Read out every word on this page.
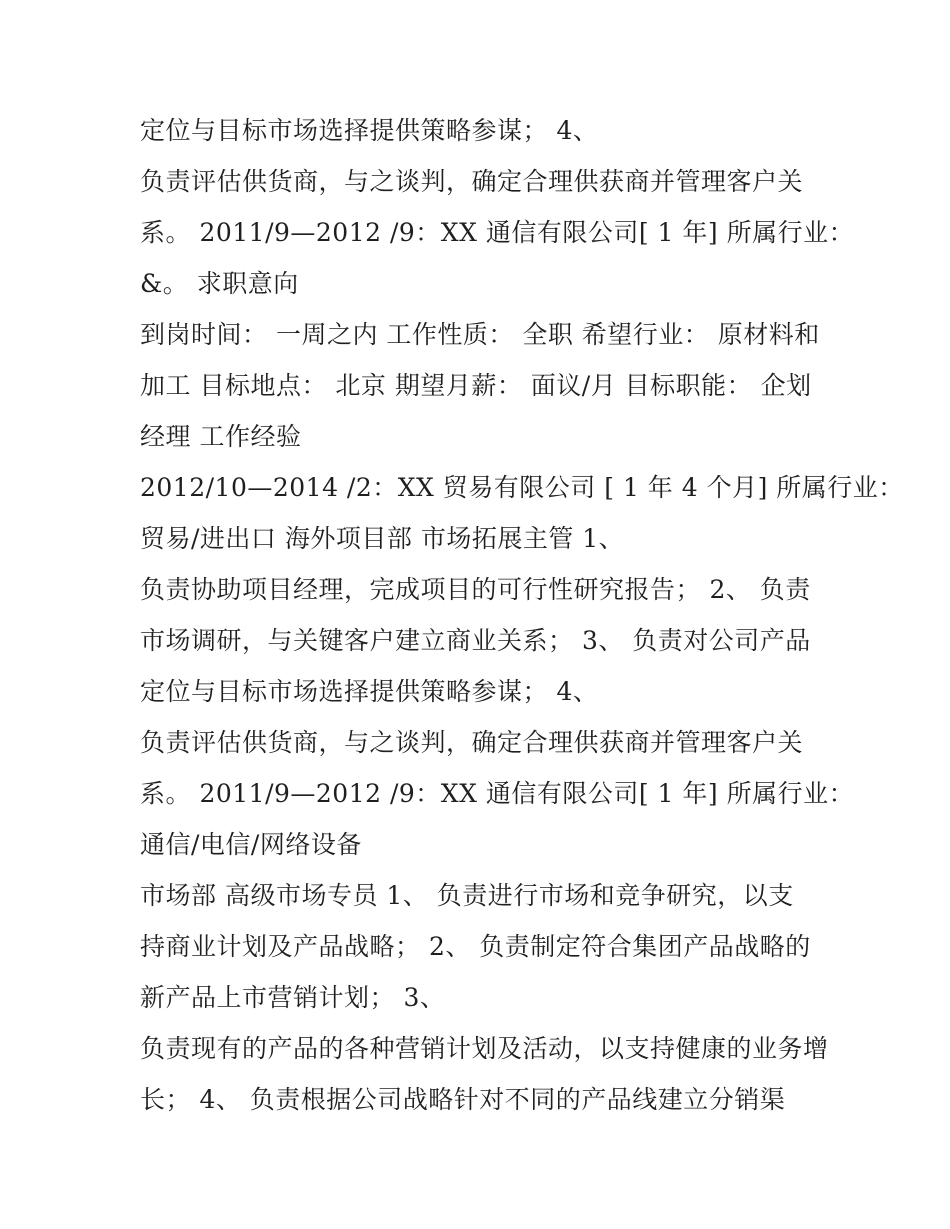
定位与目标市场选择提供策略参谋； 4、
负责评估供货商，与之谈判，确定合理供获商并管理客户关
系。 2011/9—2012 /9：XX 通信有限公司[ 1 年] 所属行业：
&。 求职意向
到岗时间： 一周之内 工作性质： 全职 希望行业： 原材料和
加工 目标地点： 北京 期望月薪： 面议/月 目标职能： 企划
经理 工作经验
2012/10—2014 /2：XX 贸易有限公司 [ 1 年 4 个月] 所属行业：
贸易/进出口 海外项目部 市场拓展主管 1、
负责协助项目经理，完成项目的可行性研究报告； 2、 负责
市场调研，与关键客户建立商业关系； 3、 负责对公司产品
定位与目标市场选择提供策略参谋； 4、
负责评估供货商，与之谈判，确定合理供获商并管理客户关
系。 2011/9—2012 /9：XX 通信有限公司[ 1 年] 所属行业：
通信/电信/网络设备
市场部 高级市场专员 1、 负责进行市场和竞争研究，以支
持商业计划及产品战略； 2、 负责制定符合集团产品战略的
新产品上市营销计划； 3、
负责现有的产品的各种营销计划及活动，以支持健康的业务增
长； 4、 负责根据公司战略针对不同的产品线建立分销渠
